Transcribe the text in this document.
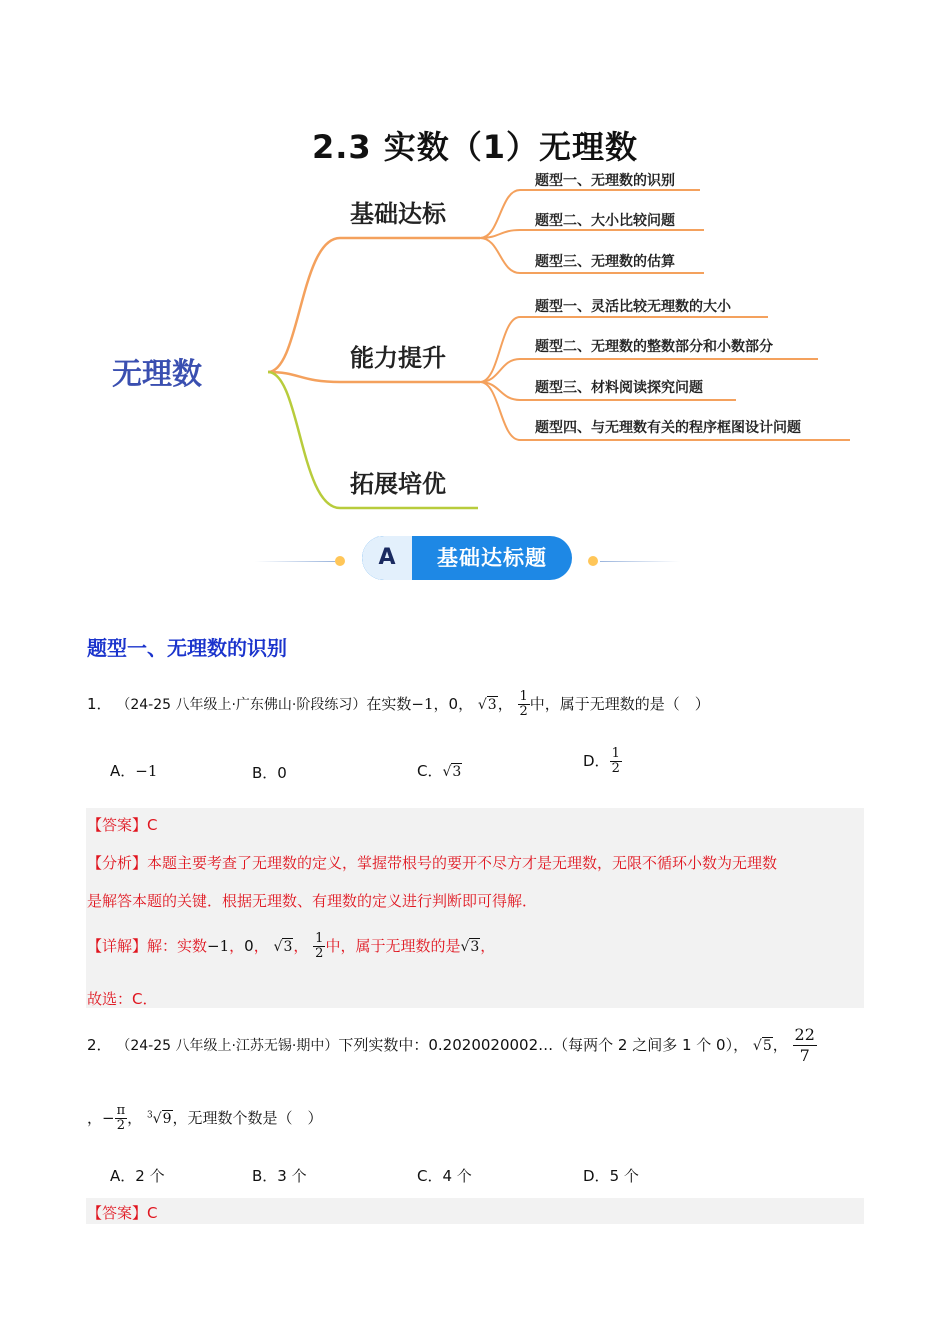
2.3 实数（1）无理数
无理数
基础达标
能力提升
拓展培优
题型一、无理数的识别
题型二、大小比较问题
题型三、无理数的估算
题型一、灵活比较无理数的大小
题型二、无理数的整数部分和小数部分
题型三、材料阅读探究问题
题型四、与无理数有关的程序框图设计问题
A	基础达标题
题型一、无理数的识别
1． （24-25 八年级上·广东佛山·阶段练习）在实数−1，0， √3， $\frac{1}{2}$ 中，属于无理数的是（　）
A．−1	B．0	C．√3
D． $\frac{1}{2}$
【答案】C
【分析】本题主要考查了无理数的定义，掌握带根号的要开不尽方才是无理数，无限不循环小数为无理数
是解答本题的关键．根据无理数、有理数的定义进行判断即可得解．
【详解】解：实数−1，0， √3， $\frac{1}{2}$ 中，属于无理数的是√3，
故选：C．
2． （24-25 八年级上·江苏无锡·期中）下列实数中：0.2020020002…（每两个 2 之间多 1 个 0）， √5， $\frac{22}{7}$
，− $\frac{\pi}{2}$ ， $^3$√9，无理数个数是（　）
A．2 个	B．3 个	C．4 个	D．5 个
【答案】C
